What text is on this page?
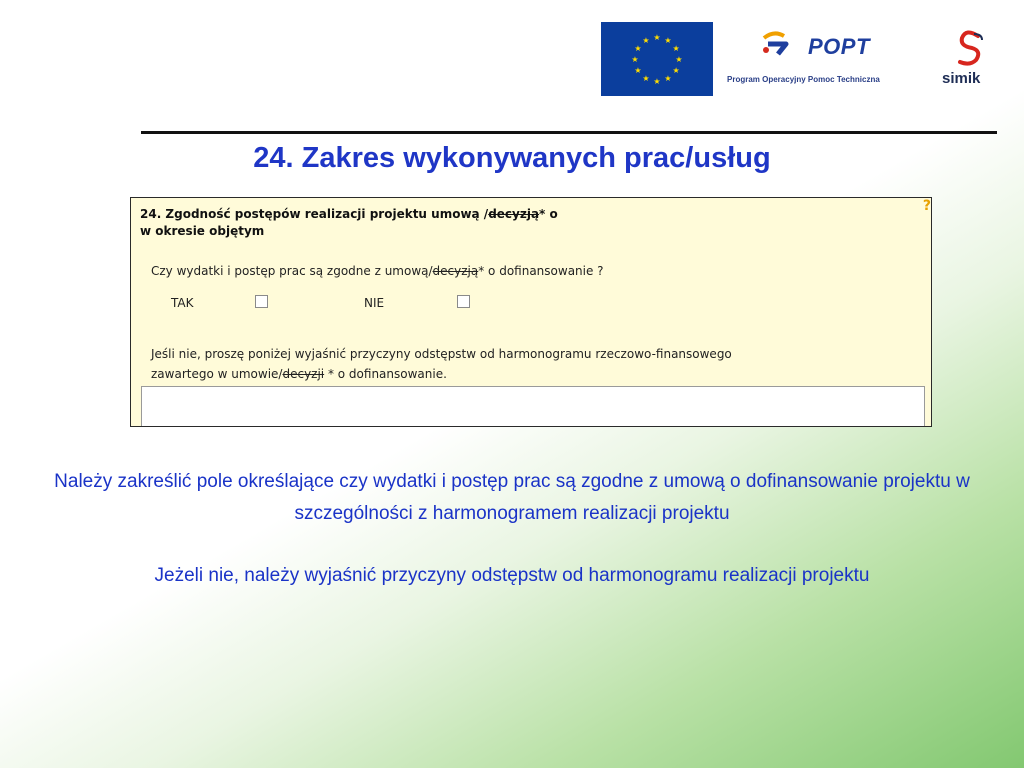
★ ★
★
★
★
★
★
★
★
★
★
★	POPT
Program Operacyjny Pomoc Techniczna	simik
24. Zakres wykonywanych prac/usług
24. Zgodność postępów realizacji projektu umową /decyzją* o
w okresie objętym
?
Czy wydatki i postęp prac są zgodne z umową/decyzją* o dofinansowanie ?
TAK	NIE
Jeśli nie, proszę poniżej wyjaśnić przyczyny odstępstw od harmonogramu rzeczowo-finansowego
zawartego w umowie/decyzji * o dofinansowanie.
Należy zakreślić pole określające czy wydatki i postęp prac są zgodne z umową o dofinansowanie projektu w szczególności z harmonogramem realizacji projektu
Jeżeli nie, należy wyjaśnić przyczyny odstępstw od harmonogramu realizacji projektu
